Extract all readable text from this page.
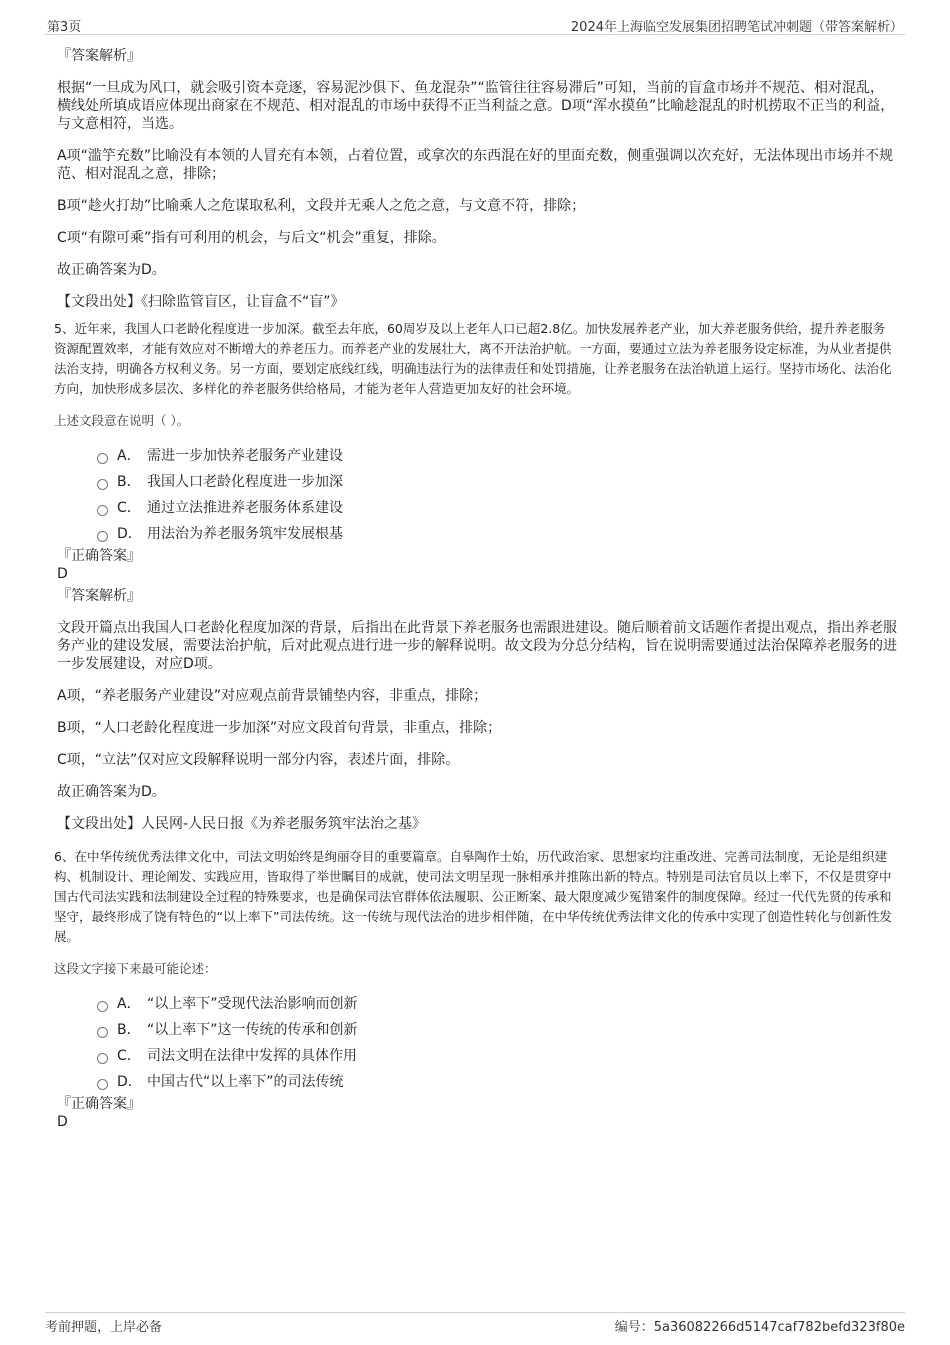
第3页	2024年上海临空发展集团招聘笔试冲刺题（带答案解析）

『答案解析』

根据“一旦成为风口，就会吸引资本竞逐，容易泥沙俱下、鱼龙混杂”“监管往往容易滞后”可知，当前的盲盒市场并不规范、相对混乱，横线处所填成语应体现出商家在不规范、相对混乱的市场中获得不正当利益之意。D项“浑水摸鱼”比喻趁混乱的时机捞取不正当的利益，与文意相符，当选。

A项“滥竽充数”比喻没有本领的人冒充有本领，占着位置，或拿次的东西混在好的里面充数，侧重强调以次充好，无法体现出市场并不规范、相对混乱之意，排除；

B项“趁火打劫”比喻乘人之危谋取私利，文段并无乘人之危之意，与文意不符，排除；

C项“有隙可乘”指有可利用的机会，与后文“机会”重复，排除。

故正确答案为D。

【文段出处】《扫除监管盲区，让盲盒不“盲”》

5、近年来，我国人口老龄化程度进一步加深。截至去年底，60周岁及以上老年人口已超2.8亿。加快发展养老产业，加大养老服务供给，提升养老服务资源配置效率，才能有效应对不断增大的养老压力。而养老产业的发展壮大，离不开法治护航。一方面，要通过立法为养老服务设定标准，为从业者提供法治支持，明确各方权利义务。另一方面，要划定底线红线，明确违法行为的法律责任和处罚措施，让养老服务在法治轨道上运行。坚持市场化、法治化方向，加快形成多层次、多样化的养老服务供给格局，才能为老年人营造更加友好的社会环境。

上述文段意在说明（ ）。

A． 需进一步加快养老服务产业建设
B． 我国人口老龄化程度进一步加深
C． 通过立法推进养老服务体系建设
D． 用法治为养老服务筑牢发展根基

『正确答案』

D

『答案解析』

文段开篇点出我国人口老龄化程度加深的背景，后指出在此背景下养老服务也需跟进建设。随后顺着前文话题作者提出观点，指出养老服务产业的建设发展，需要法治护航，后对此观点进行进一步的解释说明。故文段为分总分结构，旨在说明需要通过法治保障养老服务的进一步发展建设，对应D项。

A项，“养老服务产业建设”对应观点前背景铺垫内容，非重点，排除；

B项，“人口老龄化程度进一步加深”对应文段首句背景，非重点，排除；

C项，“立法”仅对应文段解释说明一部分内容，表述片面，排除。

故正确答案为D。

【文段出处】人民网-人民日报《为养老服务筑牢法治之基》

6、在中华传统优秀法律文化中，司法文明始终是绚丽夺目的重要篇章。自皋陶作士始，历代政治家、思想家均注重改进、完善司法制度，无论是组织建构、机制设计、理论阐发、实践应用，皆取得了举世瞩目的成就，使司法文明呈现一脉相承并推陈出新的特点。特别是司法官员以上率下，不仅是贯穿中国古代司法实践和法制建设全过程的特殊要求，也是确保司法官群体依法履职、公正断案、最大限度减少冤错案件的制度保障。经过一代代先贤的传承和坚守，最终形成了饶有特色的“以上率下”司法传统。这一传统与现代法治的进步相伴随，在中华传统优秀法律文化的传承中实现了创造性转化与创新性发展。

这段文字接下来最可能论述：

A． “以上率下”受现代法治影响而创新
B． “以上率下”这一传统的传承和创新
C． 司法文明在法律中发挥的具体作用
D． 中国古代“以上率下”的司法传统

『正确答案』

D

考前押题，上岸必备	编号：5a36082266d5147caf782befd323f80e
